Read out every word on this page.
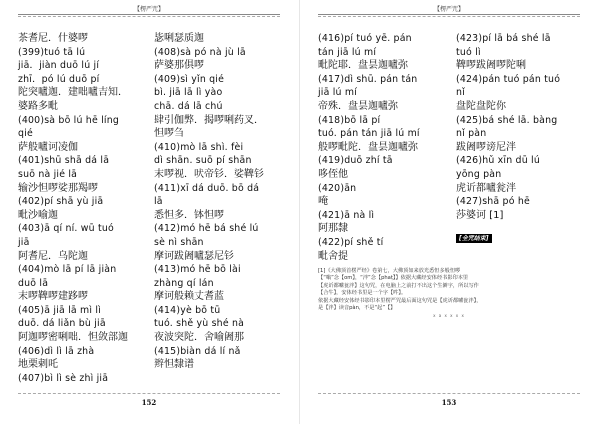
【楞严咒】
茶耆尼．什婆啰
(399)tuó tā lú
jiā．jiàn duō lú jí
zhī．pó lú duō pí
陀突嚧迦．建咄嚧吉知．
婆路多毗
(400)sà bō lú hē líng
qié
萨般嚧诃凌伽
(401)shū shā dá lā
suō nà jié lā
输沙怛啰娑那羯啰
(402)pí shā yù jiā
毗沙喻迦
(403)ā qí ní. wū tuó
jiā
阿耆尼．乌陀迦
(404)mò lā pí lā jiàn
duō lā
末啰鞞啰建跢啰
(405)ā jiā lā mì lì
duō. dá liǎn bù jiā
阿迦啰密唎咄．怛敛部迦
(406)dì lì lā zhà
地栗剌吒
(407)bì lì sè zhì jiā
毖唎瑟质迦
(408)sà pó nà jù lā
萨婆那俱啰
(409)sì yǐn qié
bì. jiā lā lì yào
chā. dá lā chú
肆引伽弊．揭啰唎药叉．
怛啰刍
(410)mò lā shì. fèi
dì shān. suō pí shān
末啰视．吠帝钐．娑鞞钐
(411)xī dá duō. bō dá
lā
悉怛多．钵怛啰
(412)mó hē bá shé lú
sè nì shān
摩诃跋阇嚧瑟尼钐
(413)mó hē bō lài
zhàng qí lán
摩诃般赖丈耆蓝
(414)yè bō tū
tuó. shě yù shé nà
夜波突陀．舍喻阇那
(415)biàn dá lí nǎ
辫怛隸谱
152
【楞严咒】
(416)pí tuó yē. pán
tán jiā lú mí
毗陀耶．盘昙迦嚧弥
(417)dì shū. pán tán
jiā lú mí
帝殊．盘昙迦嚧弥
(418)bō lā pí
tuó. pán tán jiā lú mí
般啰毗陀．盘昙迦嚧弥
(419)duō zhí tā
哆侄他
(420)ān
唵
(421)ā nà lì
阿那隸
(422)pí shě tí
毗舍提
(423)pí lā bá shé lā
tuó lì
鞞啰跋阇啰陀唎
(424)pán tuó pán tuó
nǐ
盘陀盘陀你
(425)bá shé lā. bàng
nǐ pàn
跋阇啰谤尼泮
(426)hǔ xīn dū lú
yōng pàn
虎䜣都嚧瓮泮
(427)shā pó hē
莎婆诃 [1]
[全咒结束]
[1]《大佛顶首楞严经》卷第七，大佛顶如来放光悉怛多般怛啰
【“嗡”念【om】，“泮”念【phaṭ】】依据大藏经安体经书影印本里
【虎䜣都嚧瓮泮】这句咒，在电脑上之前打不出这个生僻字，所以写作
【合牛】，安体经书里是一个字【吽】。
依据大藏经安体经书影印本里楞严咒最后面这句咒是【虎䜣都嚧瓮泮】，
是【泮】读音pàn，不是“起”【】
x a x x x x
153
